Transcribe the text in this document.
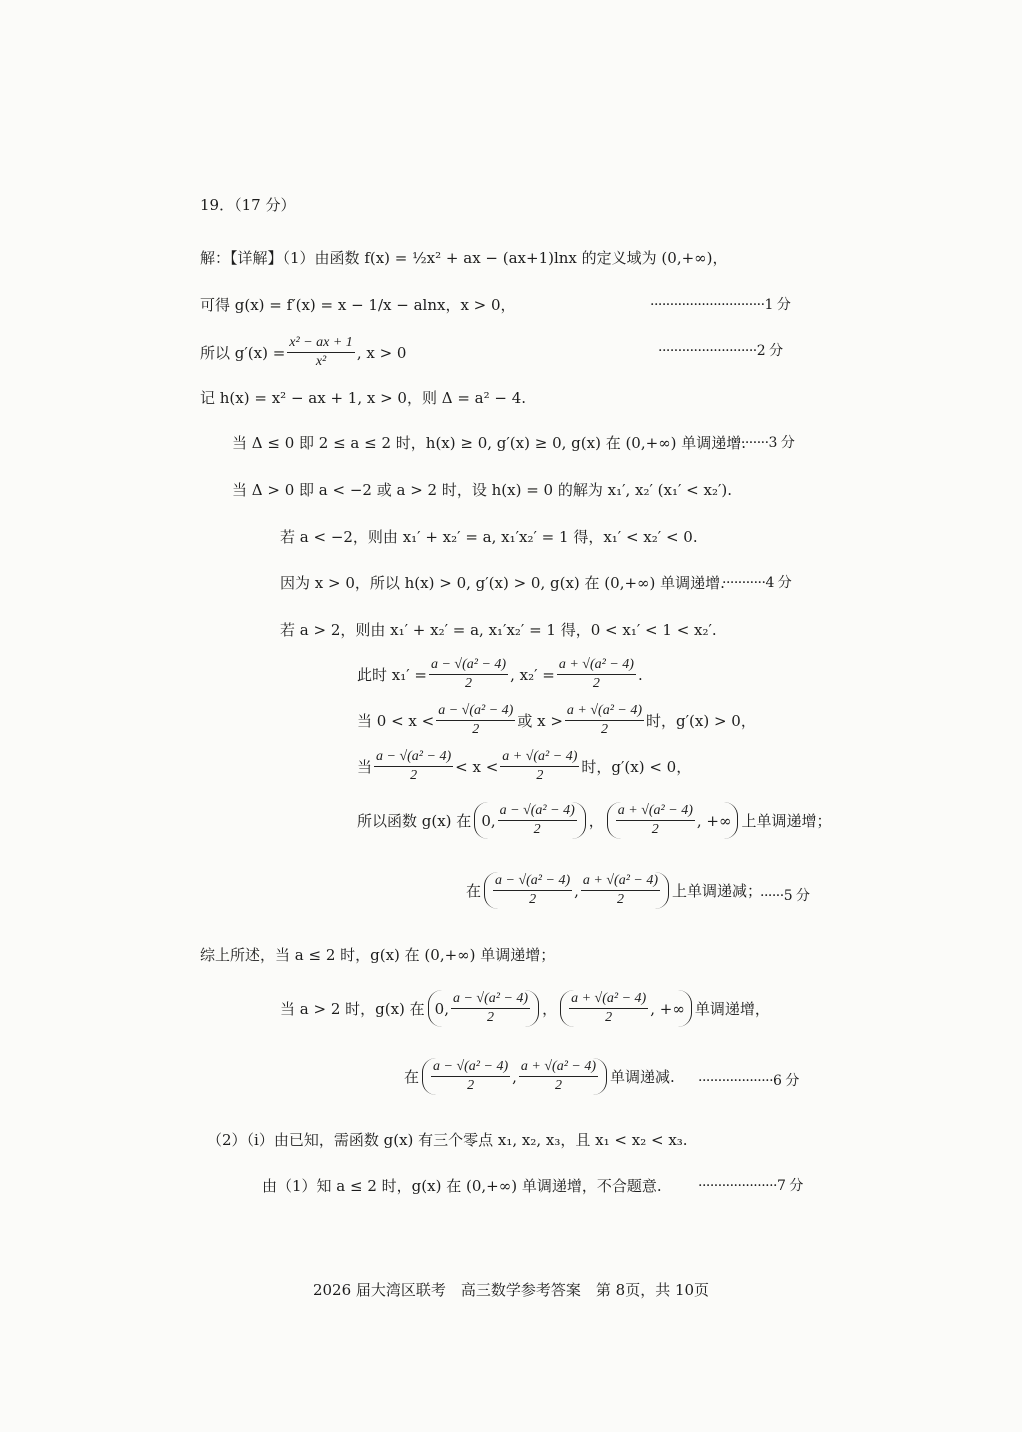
19．（17 分）
解：【详解】（1）由函数 f(x) = ½x² + ax − (ax+1)lnx 的定义域为 (0,+∞)，
可得 g(x) = f′(x) = x − 1/x − alnx，x > 0，	·····························1 分
所以 $g'(x) = \frac{\text{x² − ax + 1}}{\text{x²}}$ , x > 0	·························2 分
记 h(x) = x² − ax + 1, x > 0，则 Δ = a² − 4.
当 Δ ≤ 0 即 2 ≤ a ≤ 2 时，h(x) ≥ 0, g′(x) ≥ 0, g(x) 在 (0,+∞) 单调递增.
·········3 分
当 Δ > 0 即 a < −2 或 a > 2 时，设 h(x) = 0 的解为 x₁′, x₂′ (x₁′ < x₂′).
若 a < −2，则由 x₁′ + x₂′ = a, x₁′x₂′ = 1 得，x₁′ < x₂′ < 0.
因为 x > 0，所以 h(x) > 0, g′(x) > 0, g(x) 在 (0,+∞) 单调递增.
···········4 分
若 a > 2，则由 x₁′ + x₂′ = a, x₁′x₂′ = 1 得，0 < x₁′ < 1 < x₂′.
此时 $x_1' = \frac{\text{a − √(a² − 4)}}{2}$ , $x_2' = \frac{\text{a + √(a² − 4)}}{2}$ .
当 $0 < x < \frac{\text{a − √(a² − 4)}}{2}$ 或 $x > \frac{\text{a + √(a² − 4)}}{2}$ 时，g′(x) > 0，
当 $\frac{\text{a − √(a² − 4)}}{2} < x < \frac{\text{a + √(a² − 4)}}{2}$ 时，g′(x) < 0，
所以函数 g(x) 在 0, $\frac{\text{a − √(a² − 4)}}{2}$ ， $\frac{\text{a + √(a² − 4)}}{2}$ , +∞ 上单调递增；
在 $\frac{\text{a − √(a² − 4)}}{2}$ , $\frac{\text{a + √(a² − 4)}}{2}$ 上单调递减；
······5 分
综上所述，当 a ≤ 2 时，g(x) 在 (0,+∞) 单调递增；
当 a > 2 时，g(x) 在 0, $\frac{\text{a − √(a² − 4)}}{2}$ ， $\frac{\text{a + √(a² − 4)}}{2}$ , +∞ 单调递增，
在 $\frac{\text{a − √(a² − 4)}}{2}$ , $\frac{\text{a + √(a² − 4)}}{2}$ 单调递减. ···················6 分
（2）（i）由已知，需函数 g(x) 有三个零点 x₁, x₂, x₃，且 x₁ < x₂ < x₃.
由（1）知 a ≤ 2 时，g(x) 在 (0,+∞) 单调递增，不合题意.	····················7 分
2026 届大湾区联考　高三数学参考答案　第 8页，共 10页
